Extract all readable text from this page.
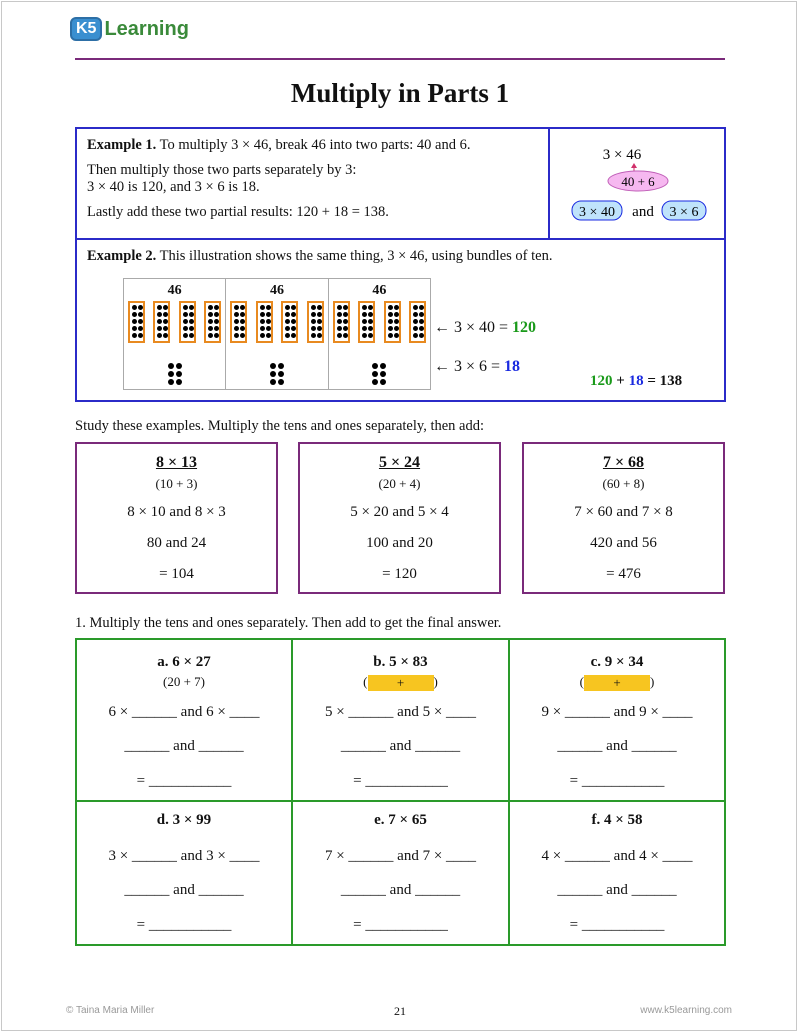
K5 Learning
Multiply in Parts 1

Example 1. To multiply 3 × 46, break 46 into two parts: 40 and 6.

Then multiply those two parts separately by 3:
3 × 40 is 120, and 3 × 6 is 18.

Lastly add these two partial results: 120 + 18 = 138.

3 × 46
40 + 6
3 × 40 and 3 × 6

Example 2. This illustration shows the same thing, 3 × 46, using bundles of ten.

46	46	46
← 3 × 40 = 120
← 3 × 6 = 18
120 + 18 = 138
Study these examples. Multiply the tens and ones separately, then add:
8 × 13
(10 + 3)
8 × 10 and 8 × 3
80 and 24
= 104
5 × 24
(20 + 4)
5 × 20 and 5 × 4
100 and 20
= 120
7 × 68
(60 + 8)
7 × 60 and 7 × 8
420 and 56
= 476
1. Multiply the tens and ones separately. Then add to get the final answer.
a. 6 × 27
(20 + 7)
6 × ______ and 6 × ____
______ and ______
= ___________
b. 5 × 83
( + )
5 × ______ and 5 × ____
______ and ______
= ___________
c. 9 × 34
( + )
9 × ______ and 9 × ____
______ and ______
= ___________
d. 3 × 99
3 × ______ and 3 × ____
______ and ______
= ___________
e. 7 × 65
7 × ______ and 7 × ____
______ and ______
= ___________
f. 4 × 58
4 × ______ and 4 × ____
______ and ______
= ___________
© Taina Maria Miller	21	www.k5learning.com
